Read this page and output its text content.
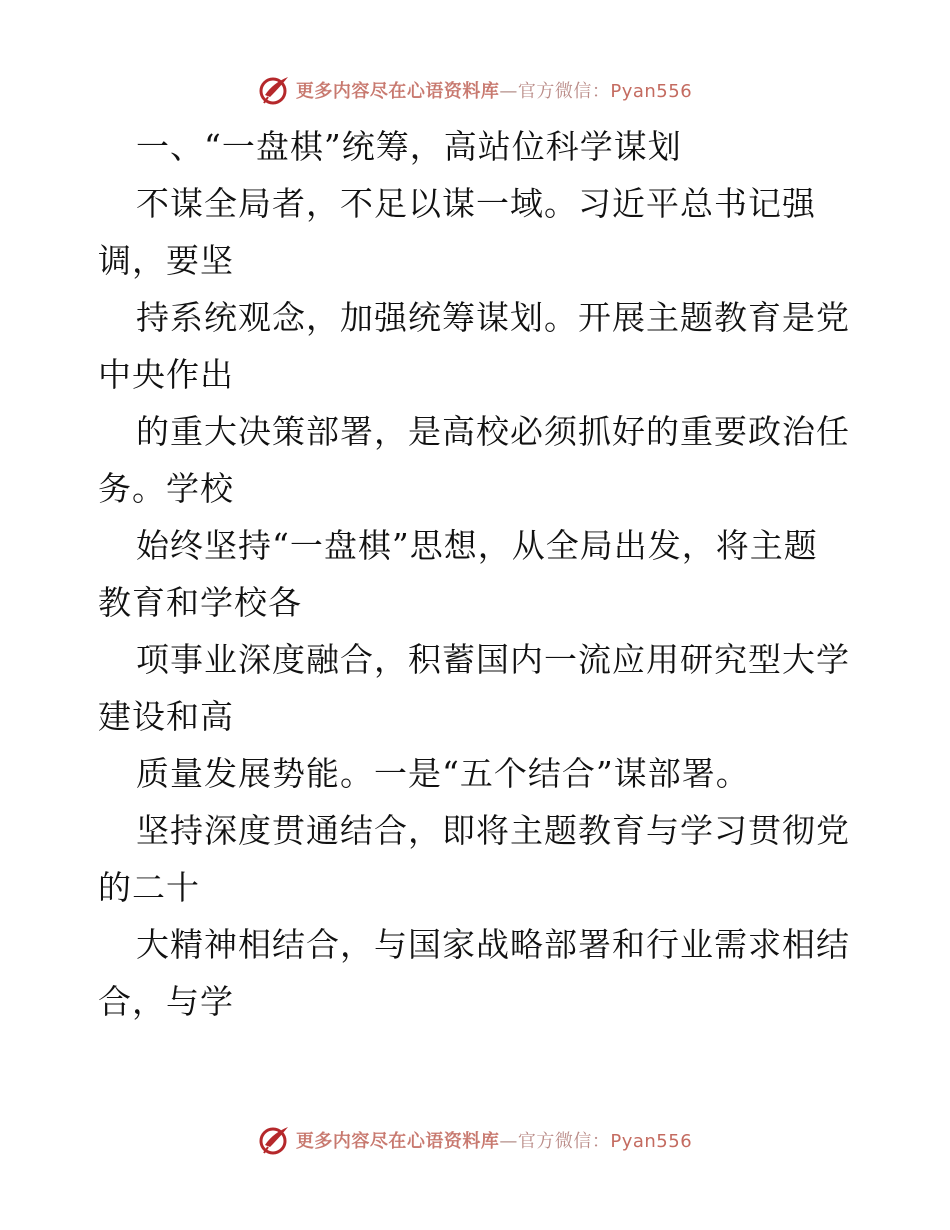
更多内容尽在心语资料库—官方微信：Pyan556
一、“一盘棋”统筹，高站位科学谋划
不谋全局者，不足以谋一域。习近平总书记强
调，要坚
持系统观念，加强统筹谋划。开展主题教育是党
中央作出
的重大决策部署，是高校必须抓好的重要政治任
务。学校
始终坚持“一盘棋”思想，从全局出发，将主题
教育和学校各
项事业深度融合，积蓄国内一流应用研究型大学
建设和高
质量发展势能。一是“五个结合”谋部署。
坚持深度贯通结合，即将主题教育与学习贯彻党
的二十
大精神相结合，与国家战略部署和行业需求相结
合，与学
更多内容尽在心语资料库—官方微信：Pyan556
